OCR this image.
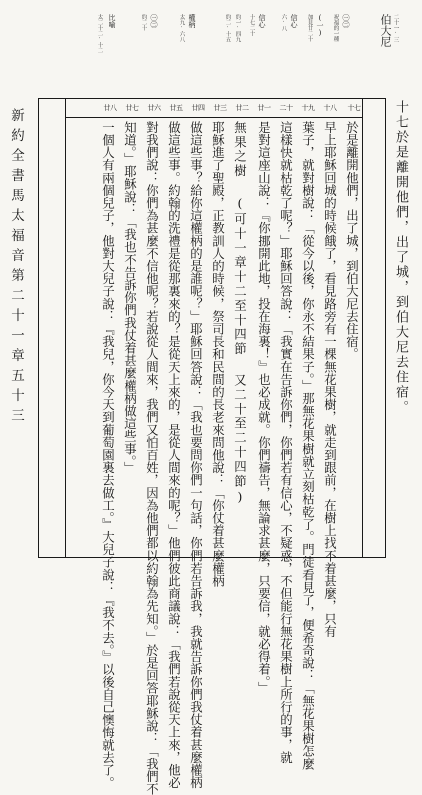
新約全書馬太福音第二十一章五十三
伯大尼 二十一·三
㊀㊁
祝福的一種
(一)
加見廿二十
信心
六·八
信心
十七二十
約一·四九
約二·十五
權柄
太九·六八
㊀㊁
約二十
比喻
太二十二·十二
十七
十八
十九
二十
廿一
廿二
廿三
廿四
廿五
廿六
廿七
廿八
於是離開他們，出了城，到伯大尼去住宿。
早上耶穌回城的時候餓了，看見路旁有一棵無花果樹，就走到跟前，在樹上找不着甚麼，只有
葉子，就對樹說：「從今以後，你永不結果子。」那無花果樹就立刻枯乾了。門徒看見了，便希奇說：「無花果樹怎麼
這樣快就枯乾了呢？」耶穌回答說：「我實在告訴你們，你們若有信心，不疑惑，不但能行無花果樹上所行的事，就
是對這座山說：『你挪開此地，投在海裏！』也必成就。你們禱告，無論求甚麼，只要信，就必得着。」
無果之樹 (可十一章十二至十四節 又二十至二十四節)
耶穌進了聖殿，正教訓人的時候，祭司長和民間的長老來問他說：「你仗着甚麼權柄
做這些事？給你這權柄的是誰呢？」耶穌回答說：「我也要問你們一句話，你們若告訴我，我就告訴你們我仗着甚麼權柄
做這些事。約翰的洗禮是從那裏來的？是從天上來的，是從人間來的呢？」他們彼此商議說：「我們若說從天上來，他必
對我們說：你們為甚麼不信他呢？若說從人間來，我們又怕百姓，因為他們都以約翰為先知。」於是回答耶穌說：「我們不
知道。」耶穌說：「我也不告訴你們我仗着甚麼權柄做這些事。」
一個人有兩個兒子，他對大兒子說：『我兒，你今天到葡萄園裏去做工。』大兒子說：『我不去。』以後自己懊悔就去了。
十七於是離開他們，出了城，到伯大尼去住宿。
